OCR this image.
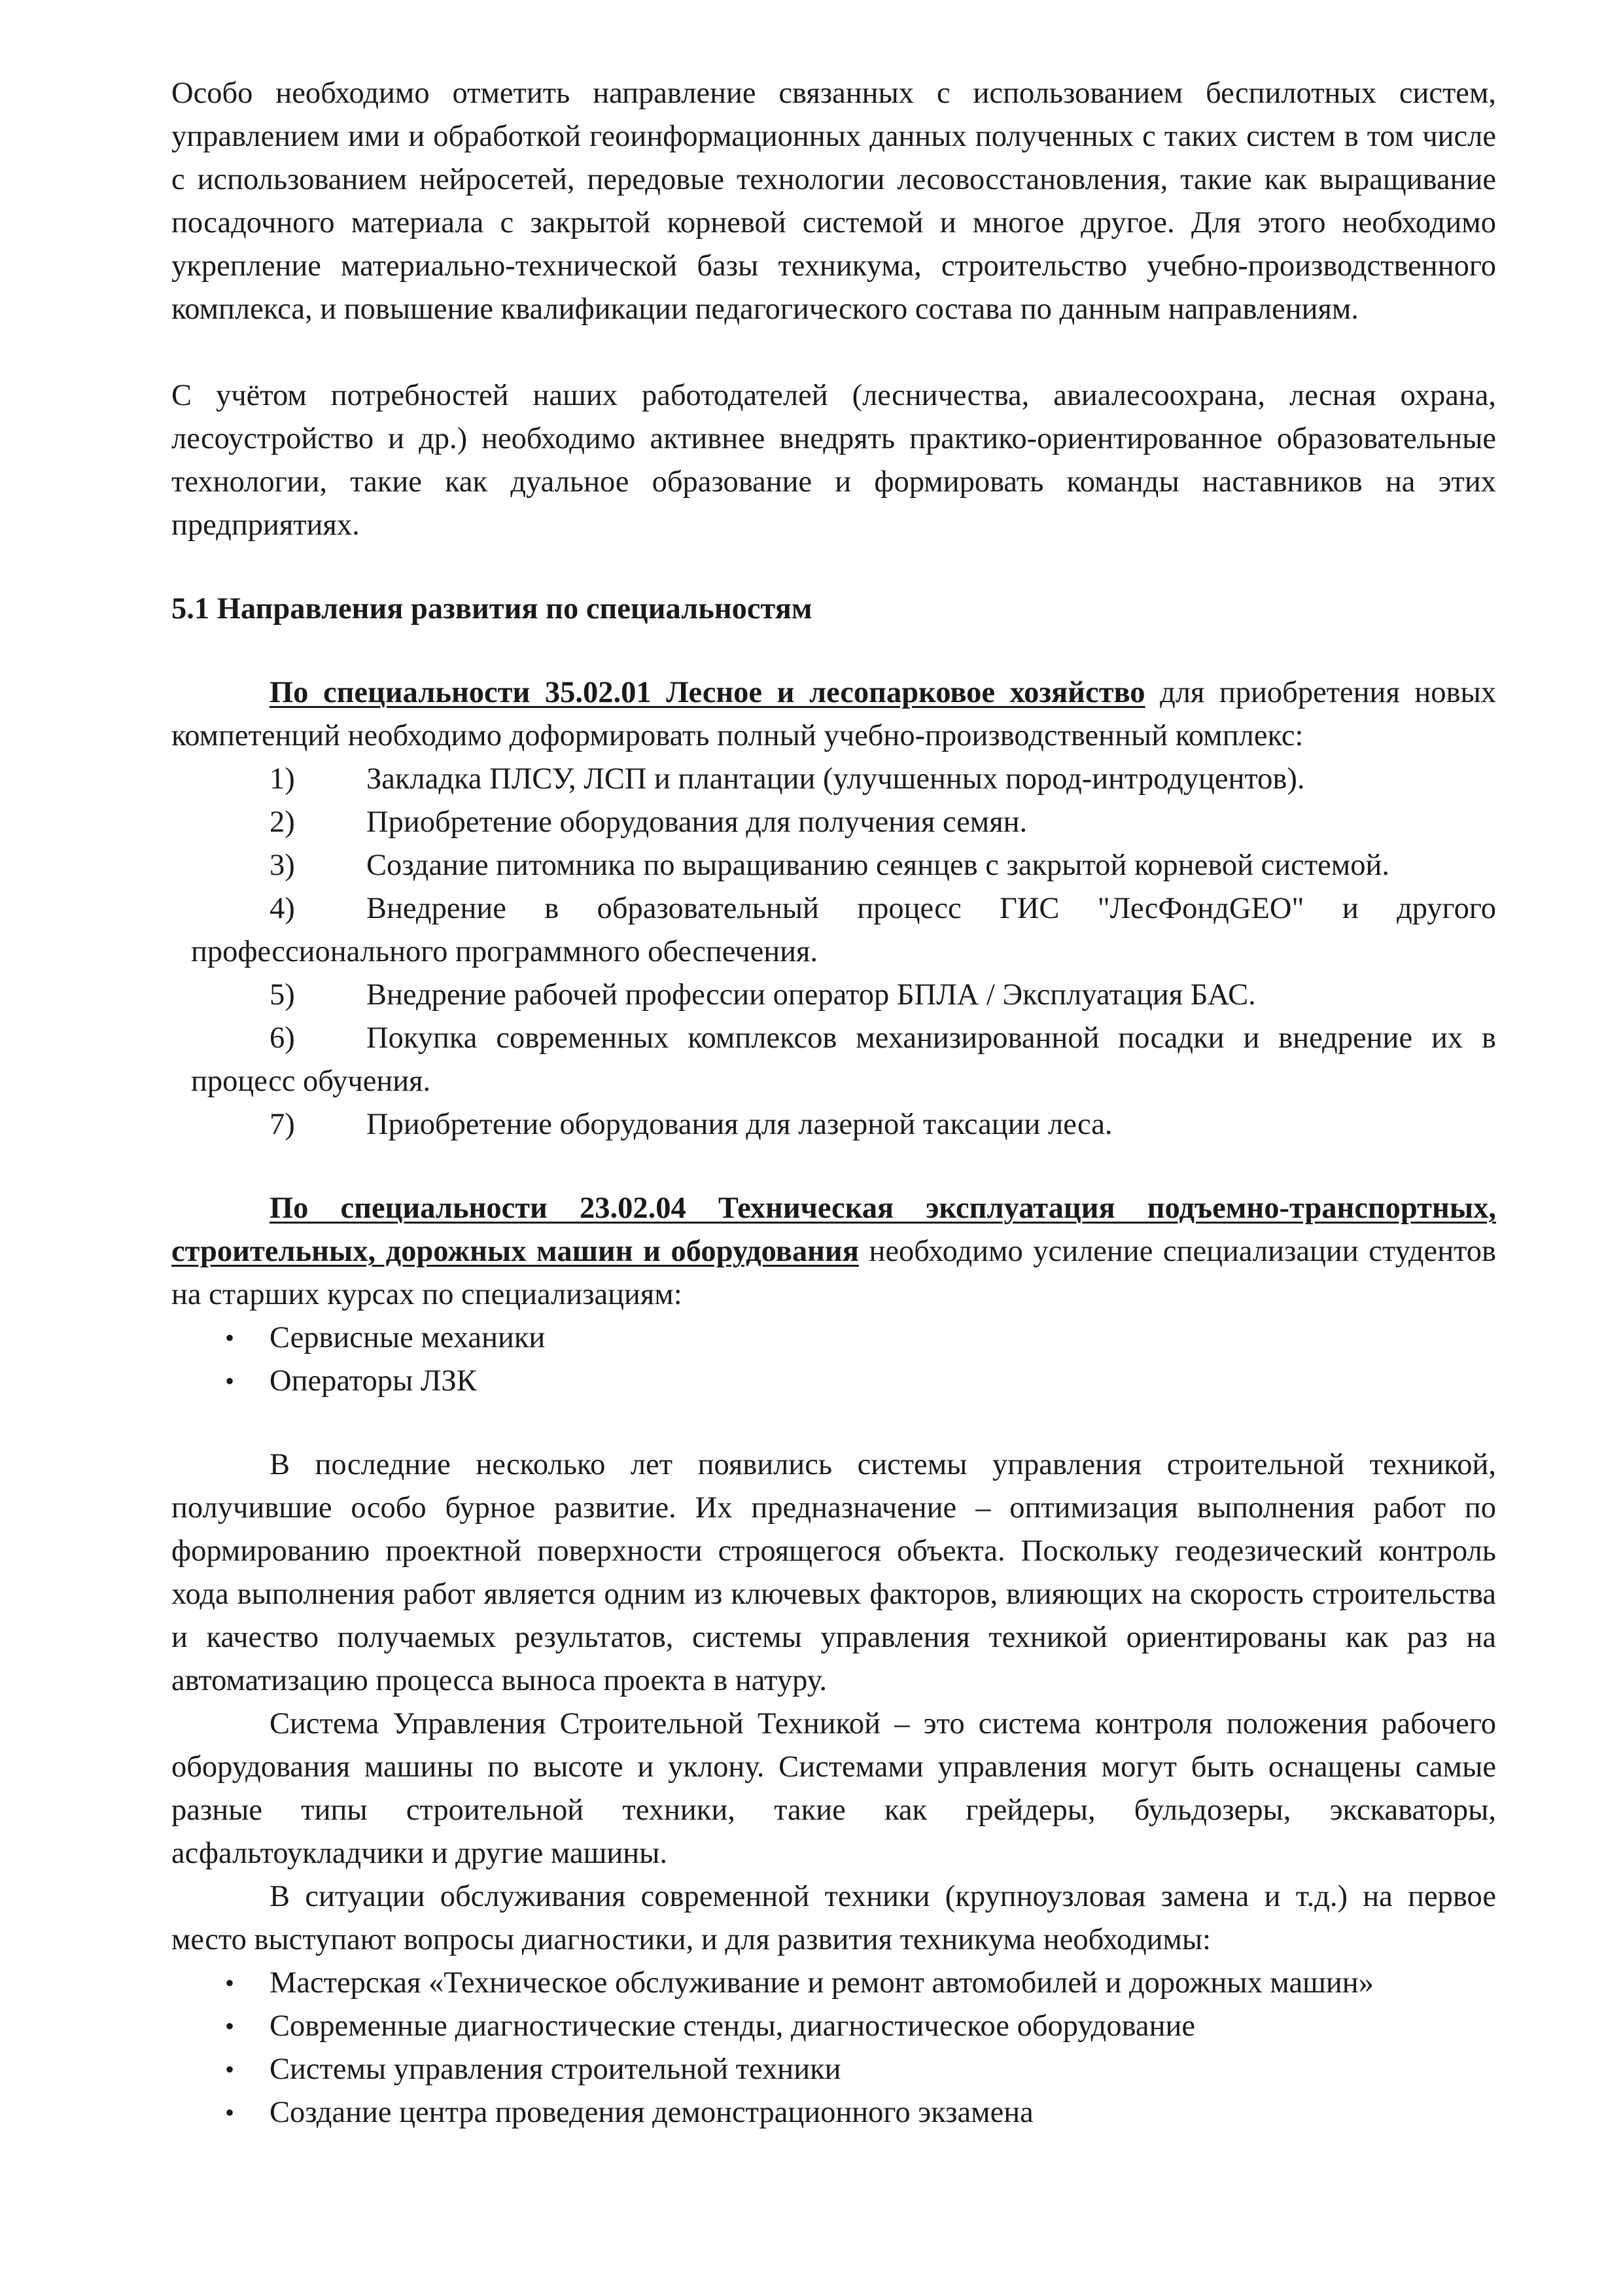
Особо необходимо отметить направление связанных с использованием беспилотных систем, управлением ими и обработкой геоинформационных данных полученных с таких систем в том числе с использованием нейросетей, передовые технологии лесовосстановления, такие как выращивание посадочного материала с закрытой корневой системой и многое другое. Для этого необходимо укрепление материально-технической базы техникума, строительство учебно-производственного комплекса, и повышение квалификации педагогического состава по данным направлениям.

С учётом потребностей наших работодателей (лесничества, авиалесоохрана, лесная охрана, лесоустройство и др.) необходимо активнее внедрять практико-ориентированное образовательные технологии, такие как дуальное образование и формировать команды наставников на этих предприятиях.

5.1 Направления развития по специальностям

По специальности 35.02.01 Лесное и лесопарковое хозяйство для приобретения новых компетенций необходимо доформировать полный учебно-производственный комплекс:

1) Закладка ПЛСУ, ЛСП и плантации (улучшенных пород-интродуцентов).
2) Приобретение оборудования для получения семян.
3) Создание питомника по выращиванию сеянцев с закрытой корневой системой.
4) Внедрение в образовательный процесс ГИС "ЛесФондGEO" и другого профессионального программного обеспечения.
5) Внедрение рабочей профессии оператор БПЛА / Эксплуатация БАС.
6) Покупка современных комплексов механизированной посадки и внедрение их в процесс обучения.
7) Приобретение оборудования для лазерной таксации леса.

По специальности 23.02.04 Техническая эксплуатация подъемно-транспортных, строительных, дорожных машин и оборудования необходимо усиление специализации студентов на старших курсах по специализациям:

• Сервисные механики
• Операторы ЛЗК

В последние несколько лет появились системы управления строительной техникой, получившие особо бурное развитие. Их предназначение – оптимизация выполнения работ по формированию проектной поверхности строящегося объекта. Поскольку геодезический контроль хода выполнения работ является одним из ключевых факторов, влияющих на скорость строительства и качество получаемых результатов, системы управления техникой ориентированы как раз на автоматизацию процесса выноса проекта в натуру.

Система Управления Строительной Техникой – это система контроля положения рабочего оборудования машины по высоте и уклону. Системами управления могут быть оснащены самые разные типы строительной техники, такие как грейдеры, бульдозеры, экскаваторы, асфальтоукладчики и другие машины.

В ситуации обслуживания современной техники (крупноузловая замена и т.д.) на первое место выступают вопросы диагностики, и для развития техникума необходимы:

• Мастерская «Техническое обслуживание и ремонт автомобилей и дорожных машин»
• Современные диагностические стенды, диагностическое оборудование
• Системы управления строительной техники
• Создание центра проведения демонстрационного экзамена
